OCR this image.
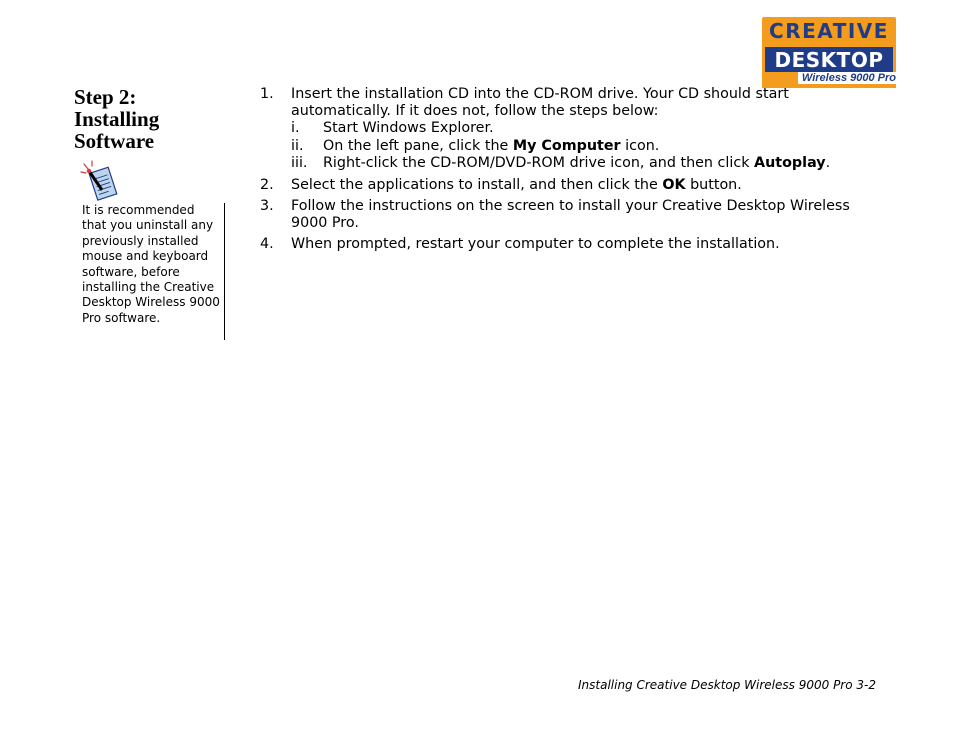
CREATIVE
DESKTOP
Wireless 9000 Pro
Step 2:
Installing
Software

It is recommended that you uninstall any previously installed mouse and keyboard software, before installing the Creative Desktop Wireless 9000 Pro software.

1. Insert the installation CD into the CD-ROM drive. Your CD should start automatically. If it does not, follow the steps below:
i. Start Windows Explorer.
ii. On the left pane, click the My Computer icon.
iii. Right-click the CD-ROM/DVD-ROM drive icon, and then click Autoplay.
2. Select the applications to install, and then click the OK button.
3. Follow the instructions on the screen to install your Creative Desktop Wireless 9000 Pro.
4. When prompted, restart your computer to complete the installation.
Installing Creative Desktop Wireless 9000 Pro 3-2
